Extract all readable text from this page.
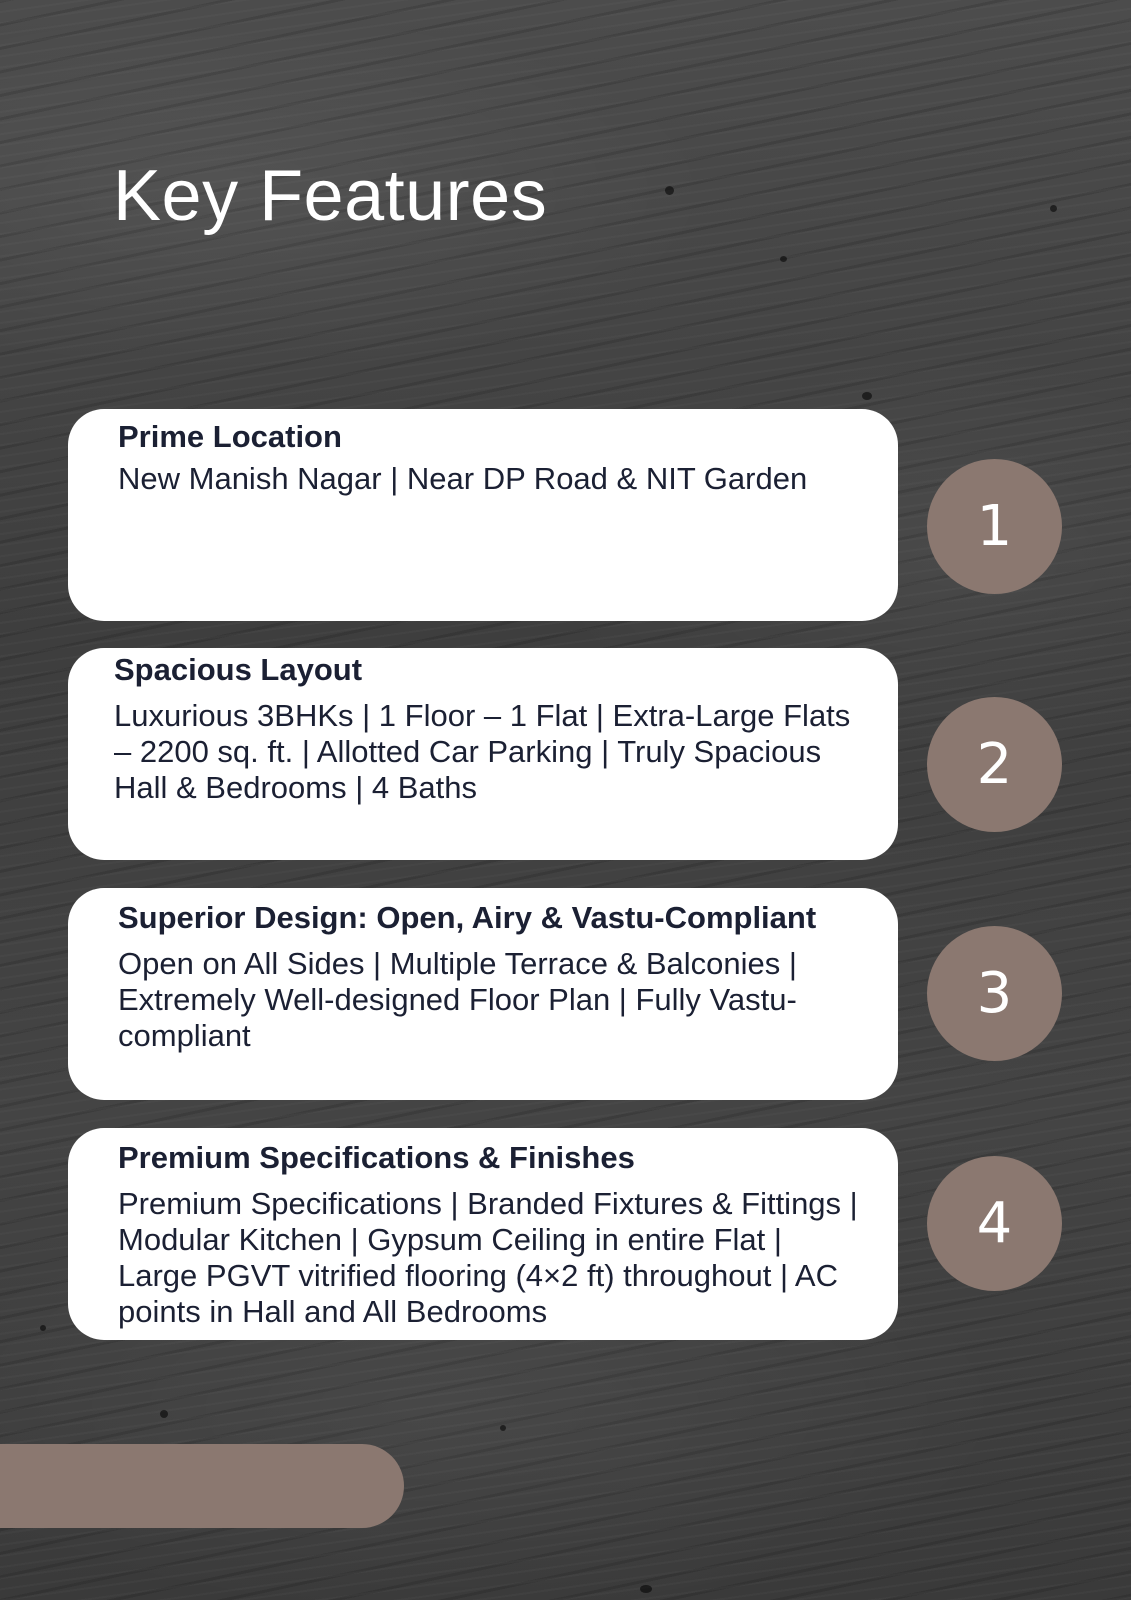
Key Features
Prime Location

New Manish Nagar | Near DP Road & NIT Garden

1
Spacious Layout

Luxurious 3BHKs | 1 Floor – 1 Flat | Extra-Large Flats – 2200 sq. ft. | Allotted Car Parking | Truly Spacious Hall & Bedrooms | 4 Baths	2
Superior Design: Open, Airy & Vastu-Compliant

Open on All Sides | Multiple Terrace & Balconies | Extremely Well-designed Floor Plan | Fully Vastu-compliant

3
Premium Specifications & Finishes

Premium Specifications | Branded Fixtures & Fittings | Modular Kitchen | Gypsum Ceiling in entire Flat | Large PGVT vitrified flooring (4×2 ft) throughout | AC points in Hall and All Bedrooms

4
